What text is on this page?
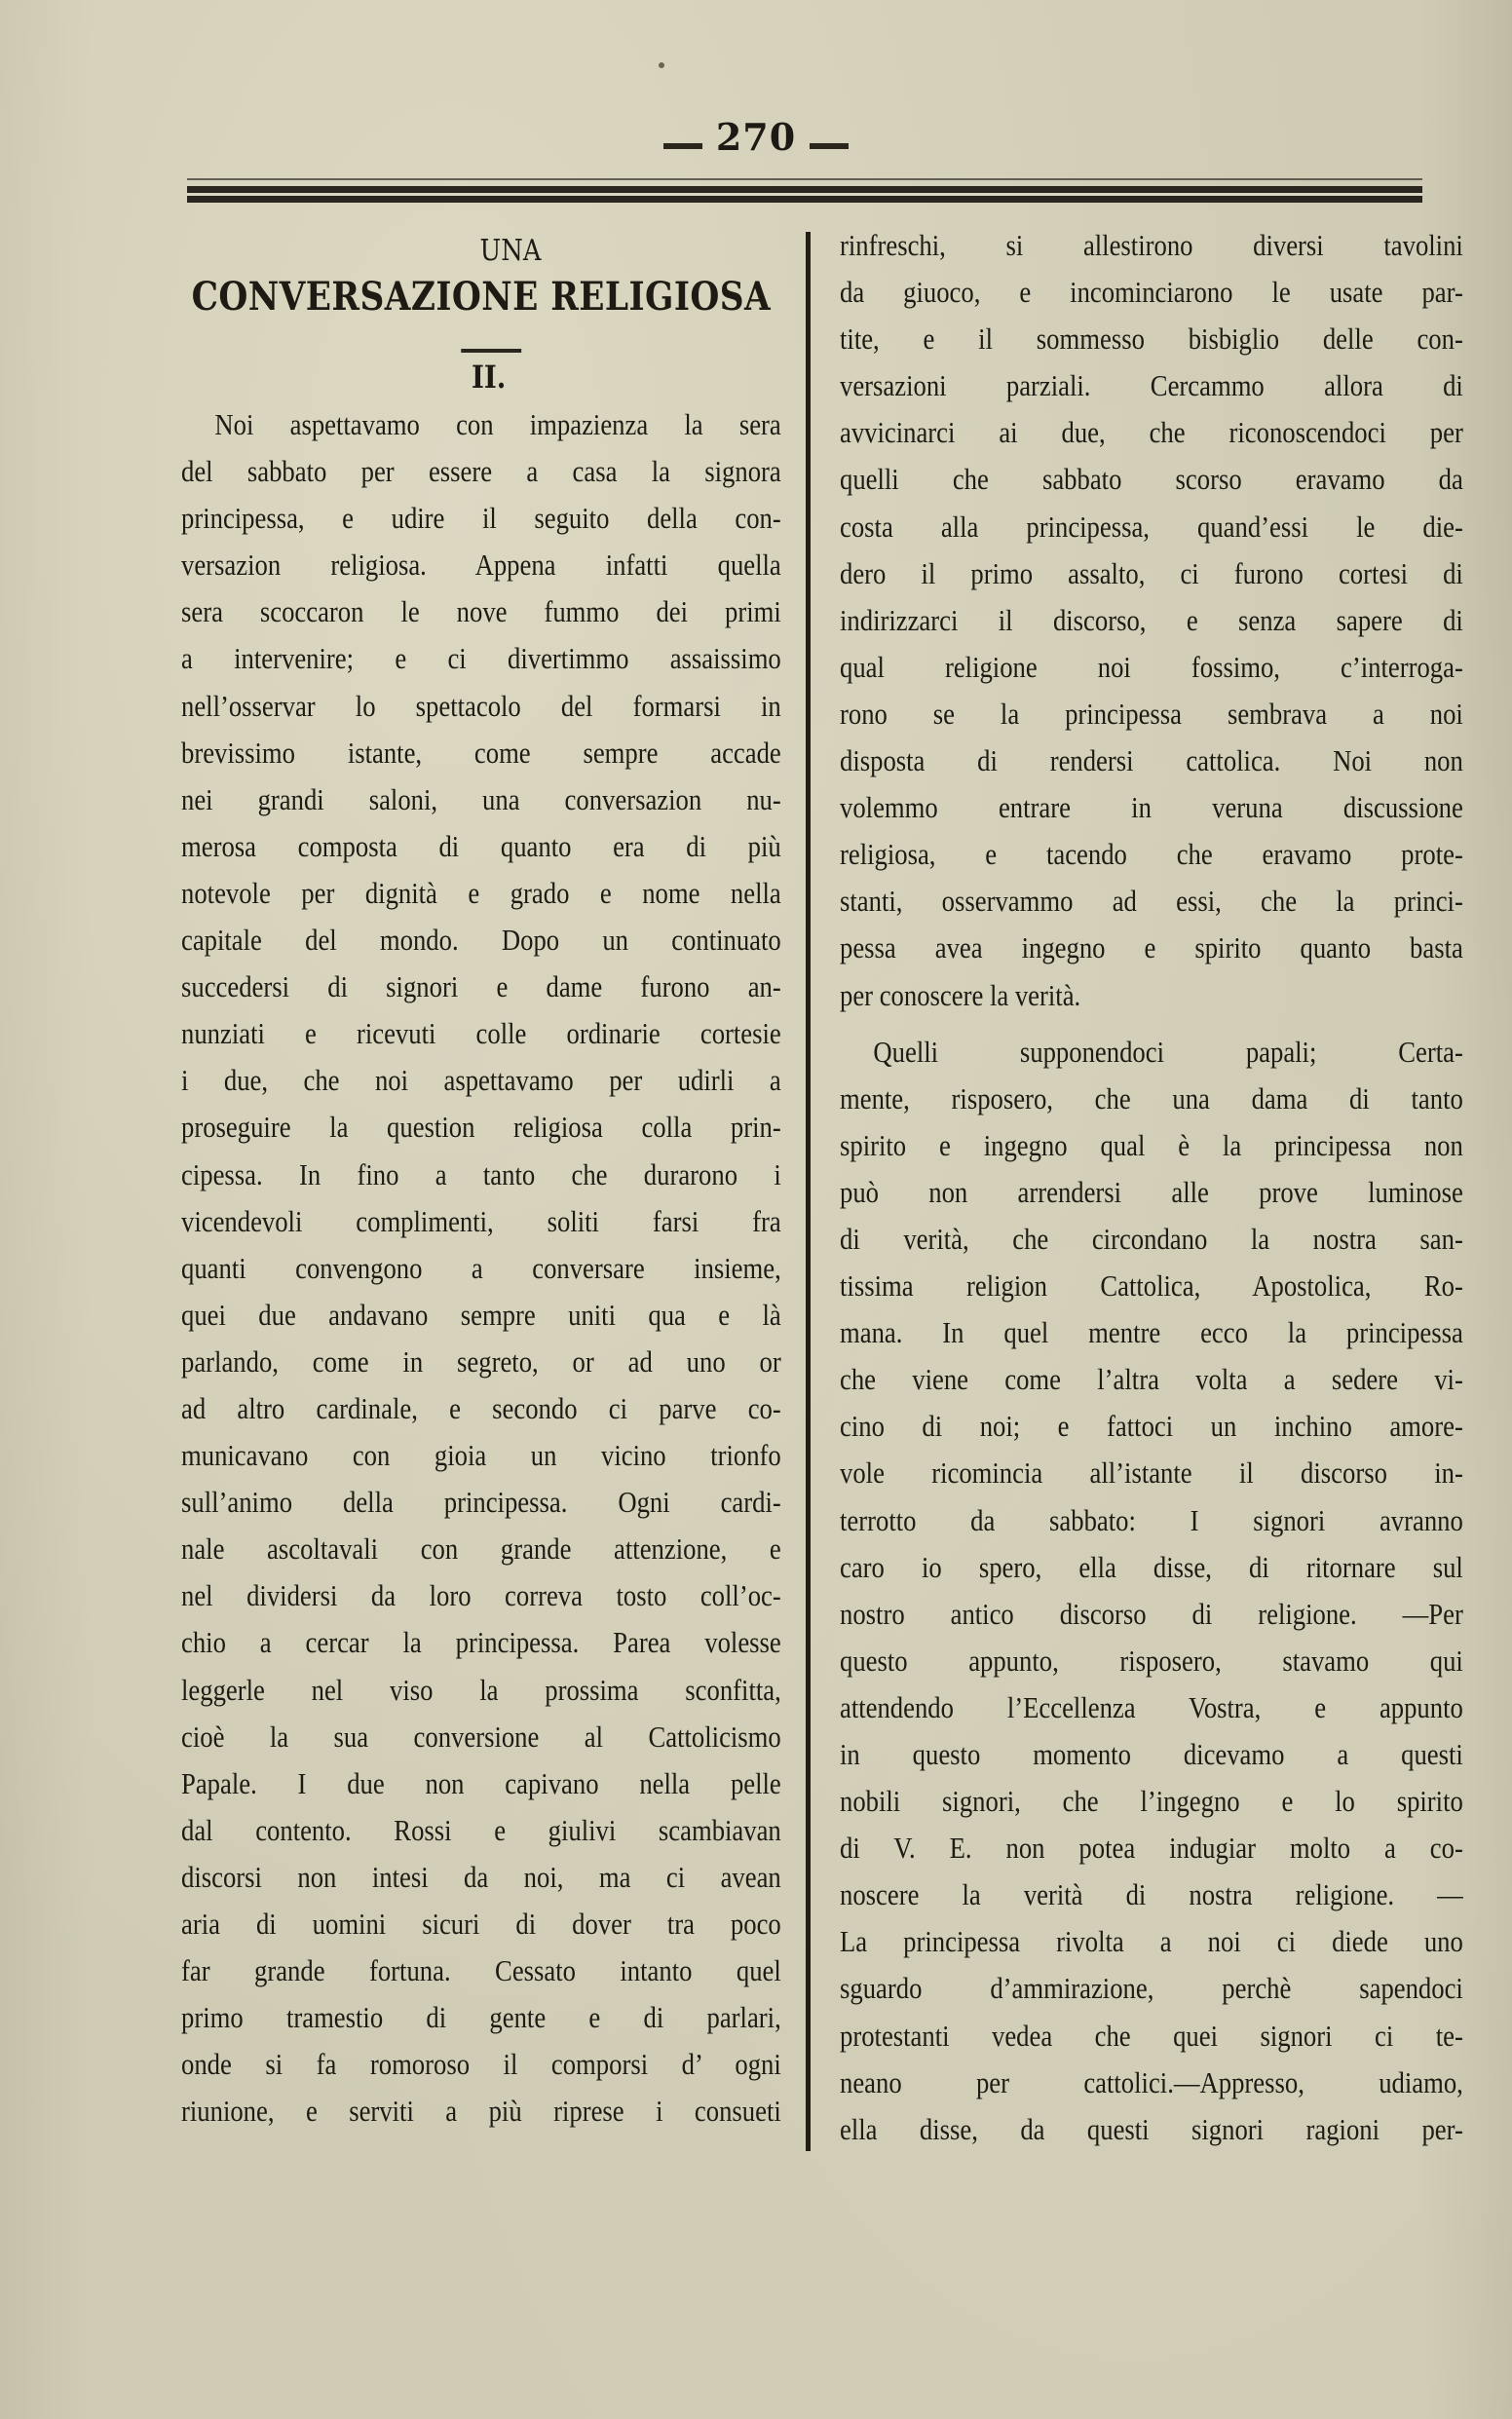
270

UNA

CONVERSAZIONE RELIGIOSA

II.

Noi aspettavamo con impazienza la sera

del sabbato per essere a casa la signora

principessa, e udire il seguito della con-

versazion religiosa. Appena infatti quella

sera scoccaron le nove fummo dei primi

a intervenire; e ci divertimmo assaissimo

nell’osservar lo spettacolo del formarsi in

brevissimo istante, come sempre accade

nei grandi saloni, una conversazion nu-

merosa composta di quanto era di più

notevole per dignità e grado e nome nella

capitale del mondo. Dopo un continuato

succedersi di signori e dame furono an-

nunziati e ricevuti colle ordinarie cortesie

i due, che noi aspettavamo per udirli a

proseguire la question religiosa colla prin-

cipessa. In fino a tanto che durarono i

vicendevoli complimenti, soliti farsi fra

quanti convengono a conversare insieme,

quei due andavano sempre uniti qua e là

parlando, come in segreto, or ad uno or

ad altro cardinale, e secondo ci parve co-

municavano con gioia un vicino trionfo

sull’animo della principessa. Ogni cardi-

nale ascoltavali con grande attenzione, e

nel dividersi da loro correva tosto coll’oc-

chio a cercar la principessa. Parea volesse

leggerle nel viso la prossima sconfitta,

cioè la sua conversione al Cattolicismo

Papale. I due non capivano nella pelle

dal contento. Rossi e giulivi scambiavan

discorsi non intesi da noi, ma ci avean

aria di uomini sicuri di dover tra poco

far grande fortuna. Cessato intanto quel

primo tramestio di gente e di parlari,

onde si fa romoroso il comporsi d’ ogni

riunione, e serviti a più riprese i consueti

rinfreschi, si allestirono diversi tavolini

da giuoco, e incominciarono le usate par-

tite, e il sommesso bisbiglio delle con-

versazioni parziali. Cercammo allora di

avvicinarci ai due, che riconoscendoci per

quelli che sabbato scorso eravamo da

costa alla principessa, quand’essi le die-

dero il primo assalto, ci furono cortesi di

indirizzarci il discorso, e senza sapere di

qual religione noi fossimo, c’interroga-

rono se la principessa sembrava a noi

disposta di rendersi cattolica. Noi non

volemmo entrare in veruna discussione

religiosa, e tacendo che eravamo prote-

stanti, osservammo ad essi, che la princi-

pessa avea ingegno e spirito quanto basta

per conoscere la verità.

Quelli supponendoci papali; Certa-

mente, risposero, che una dama di tanto

spirito e ingegno qual è la principessa non

può non arrendersi alle prove luminose

di verità, che circondano la nostra san-

tissima religion Cattolica, Apostolica, Ro-

mana. In quel mentre ecco la principessa

che viene come l’altra volta a sedere vi-

cino di noi; e fattoci un inchino amore-

vole ricomincia all’istante il discorso in-

terrotto da sabbato: I signori avranno

caro io spero, ella disse, di ritornare sul

nostro antico discorso di religione. —Per

questo appunto, risposero, stavamo qui

attendendo l’Eccellenza Vostra, e appunto

in questo momento dicevamo a questi

nobili signori, che l’ingegno e lo spirito

di V. E. non potea indugiar molto a co-

noscere la verità di nostra religione. —

La principessa rivolta a noi ci diede uno

sguardo d’ammirazione, perchè sapendoci

protestanti vedea che quei signori ci te-

neano per cattolici.—Appresso, udiamo,

ella disse, da questi signori ragioni per-
